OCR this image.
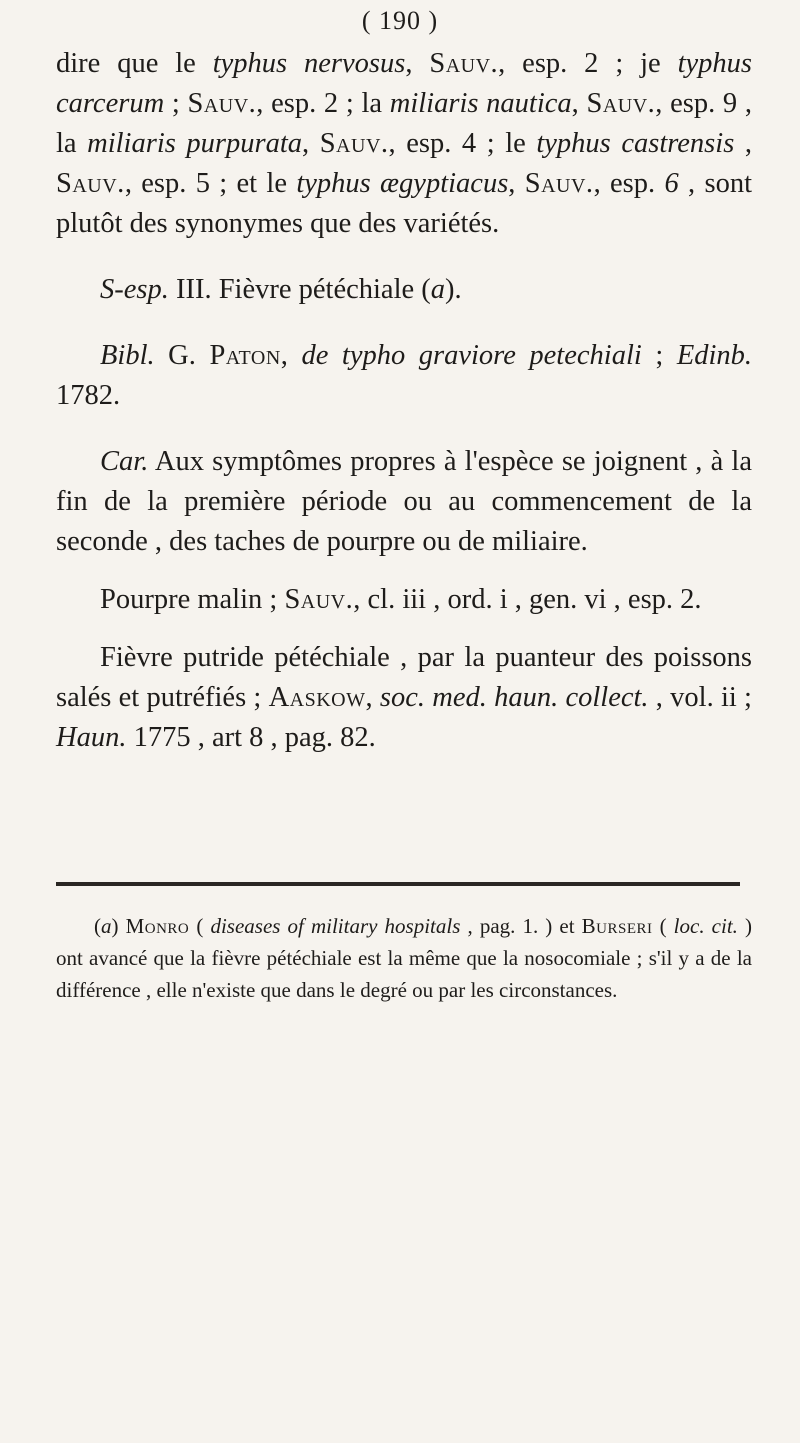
( 190 )

dire que le typhus nervosus, Sauv., esp. 2 ; je typhus carcerum ; Sauv., esp. 2 ; la miliaris nautica, Sauv., esp. 9 , la miliaris purpurata, Sauv., esp. 4 ; le typhus castrensis , Sauv., esp. 5 ; et le typhus ægyptiacus, Sauv., esp. 6 , sont plutôt des synonymes que des variétés.

S-esp. III. Fièvre pétéchiale (a).

Bibl. G. Paton, de typho graviore petechiali ; Edinb. 1782.

Car. Aux symptômes propres à l'espèce se joignent , à la fin de la première période ou au commencement de la seconde , des taches de pourpre ou de miliaire.

Pourpre malin ; Sauv., cl. iii , ord. i , gen. vi , esp. 2.

Fièvre putride pétéchiale , par la puanteur des poissons salés et putréfiés ; Aaskow, soc. med. haun. collect. , vol. ii ; Haun. 1775 , art 8 , pag. 82.

(a) Monro ( diseases of military hospitals , pag. 1. ) et Burseri ( loc. cit. ) ont avancé que la fièvre pétéchiale est la même que la nosocomiale ; s'il y a de la différence , elle n'existe que dans le degré ou par les circonstances.
